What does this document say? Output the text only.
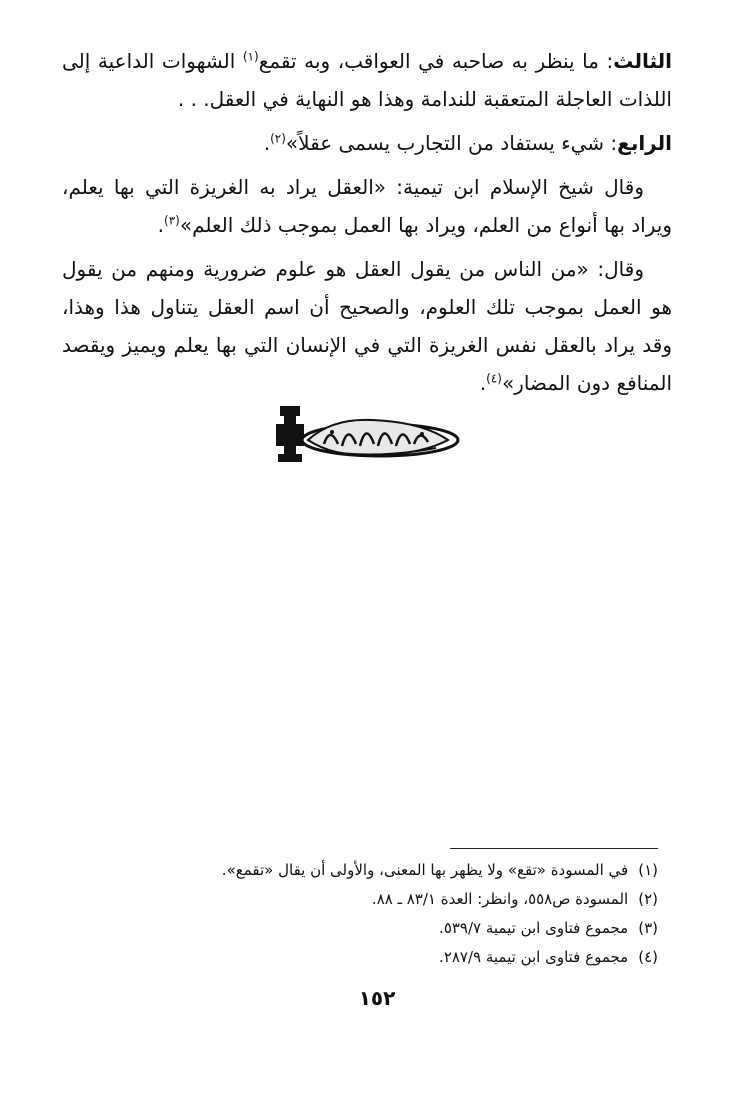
الثالث: ما ينظر به صاحبه في العواقب، وبه تقمع$^{(١)}$ الشهوات الداعية إلى اللذات العاجلة المتعقبة للندامة وهذا هو النهاية في العقل. . .

الرابع: شيء يستفاد من التجارب يسمى عقلاً»$^{(٢)}$.

وقال شيخ الإسلام ابن تيمية: «العقل يراد به الغريزة التي بها يعلم، ويراد بها أنواع من العلم، ويراد بها العمل بموجب ذلك العلم»$^{(٣)}$.

وقال: «من الناس من يقول العقل هو علوم ضرورية ومنهم من يقول هو العمل بموجب تلك العلوم، والصحيح أن اسم العقل يتناول هذا وهذا، وقد يراد بالعقل نفس الغريزة التي في الإنسان التي بها يعلم ويميز ويقصد المنافع دون المضار»$^{(٤)}$.

(١)في المسودة «تقع» ولا يظهر بها المعنى، والأولى أن يقال «تقمع».

(٢)المسودة ص٥٥٨، وانظر: العدة ٨٣/١ ـ ٨٨.

(٣)مجموع فتاوى ابن تيمية ٥٣٩/٧.

(٤)مجموع فتاوى ابن تيمية ٢٨٧/٩.

١٥٢
